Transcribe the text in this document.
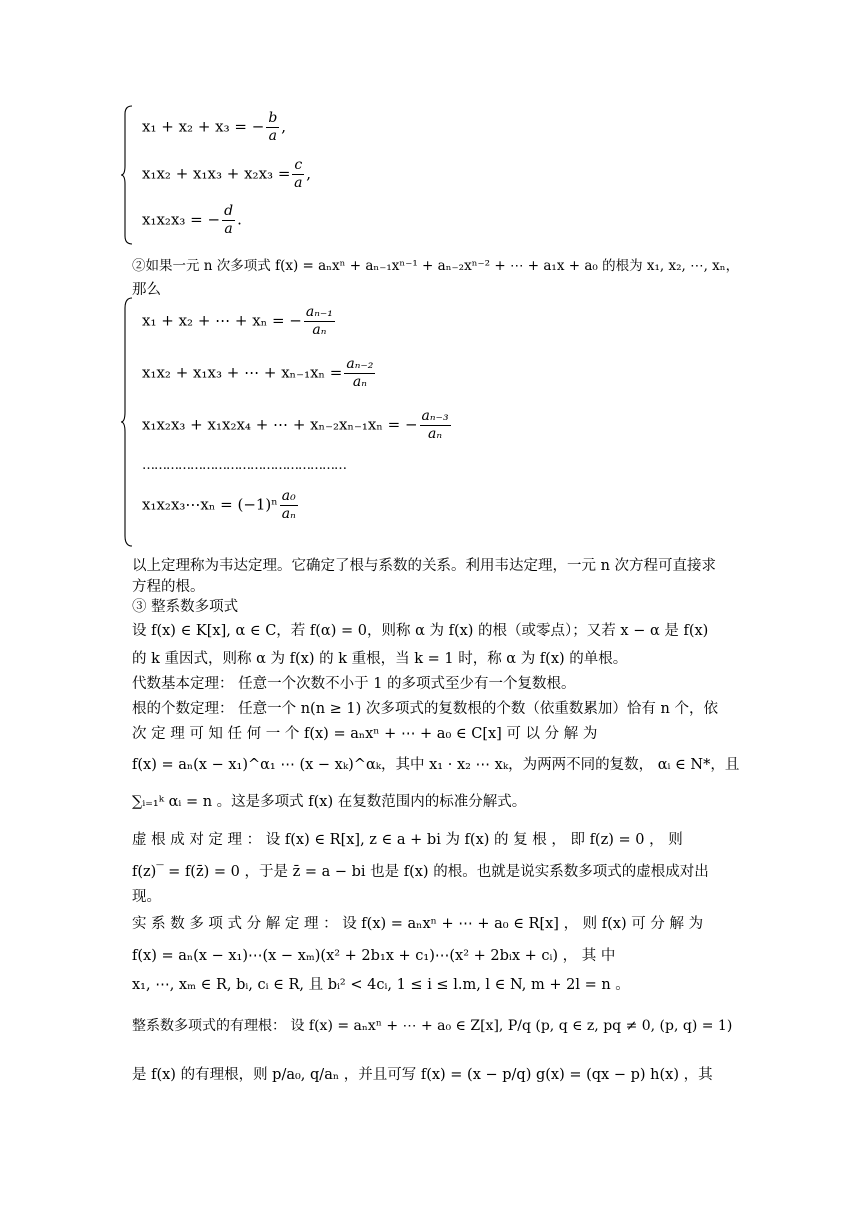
x₁ + x₂ + x₃ = − $\frac{b}{a}$ ,
$x_1x_2 + x_1x_3 + x_2x_3 = \frac{c}{a}$ ,
x₁x₂x₃ = − $\frac{d}{a}$ .
②如果一元 n 次多项式 f(x) = aₙxⁿ + aₙ₋₁xⁿ⁻¹ + aₙ₋₂xⁿ⁻² + ⋯ + a₁x + a₀ 的根为 x₁, x₂, ⋯, xₙ，
那么
x₁ + x₂ + ⋯ + xₙ = − $\frac{\text{aₙ₋₁}}{\text{aₙ}}$
x₁x₂ + x₁x₃ + ⋯ + $x_{n-1}x_n = \frac{\text{aₙ₋₂}}{\text{aₙ}}$
x₁x₂x₃ + x₁x₂x₄ + ⋯ + xₙ₋₂xₙ₋₁xₙ = − $\frac{\text{aₙ₋₃}}{\text{aₙ}}$
……………………………………………
x₁x₂x₃⋯xₙ = $(-1)^n \frac{\text{a₀}}{\text{aₙ}}$
以上定理称为韦达定理。它确定了根与系数的关系。利用韦达定理，一元 n 次方程可直接求
方程的根。
③ 整系数多项式
设 f(x) ∈ K[x], α ∈ C，若 f(α) = 0，则称 α 为 f(x) 的根（或零点）；又若 x − α 是 f(x)
的 k 重因式，则称 α 为 f(x) 的 k 重根，当 k = 1 时，称 α 为 f(x) 的单根。
代数基本定理： 任意一个次数不小于 1 的多项式至少有一个复数根。
根的个数定理： 任意一个 n(n ≥ 1) 次多项式的复数根的个数（依重数累加）恰有 n 个，依
次 定 理 可 知 任 何 一 个 f(x) = aₙxⁿ + ⋯ + a₀ ∈ C[x] 可 以 分 解 为
f(x) = aₙ(x − x₁)^α₁ ⋯ (x − xₖ)^αₖ，其中 x₁ · x₂ ⋯ xₖ，为两两不同的复数， αᵢ ∈ N*，且
∑ᵢ₌₁ᵏ αᵢ = n 。这是多项式 f(x) 在复数范围内的标准分解式。
虚 根 成 对 定 理 ： 设 f(x) ∈ R[x], z ∈ a + bi 为 f(x) 的 复 根 ， 即 f(z) = 0 ， 则
f(z)‾ = f(z̄) = 0 ，于是 z̄ = a − bi 也是 f(x) 的根。也就是说实系数多项式的虚根成对出
现。
实 系 数 多 项 式 分 解 定 理 ： 设 f(x) = aₙxⁿ + ⋯ + a₀ ∈ R[x] ， 则 f(x) 可 分 解 为
f(x) = aₙ(x − x₁)⋯(x − xₘ)(x² + 2b₁x + c₁)⋯(x² + 2bᵢx + cᵢ) ， 其 中
x₁, ⋯, xₘ ∈ R, bᵢ, cᵢ ∈ R, 且 bᵢ² < 4cᵢ, 1 ≤ i ≤ l.m, l ∈ N, m + 2l = n 。
整系数多项式的有理根： 设 f(x) = aₙxⁿ + ⋯ + a₀ ∈ Z[x], P/q (p, q ∈ z, pq ≠ 0, (p, q) = 1)
是 f(x) 的有理根，则 p/a₀, q/aₙ ，并且可写 f(x) = (x − p/q) g(x) = (qx − p) h(x) ，其
